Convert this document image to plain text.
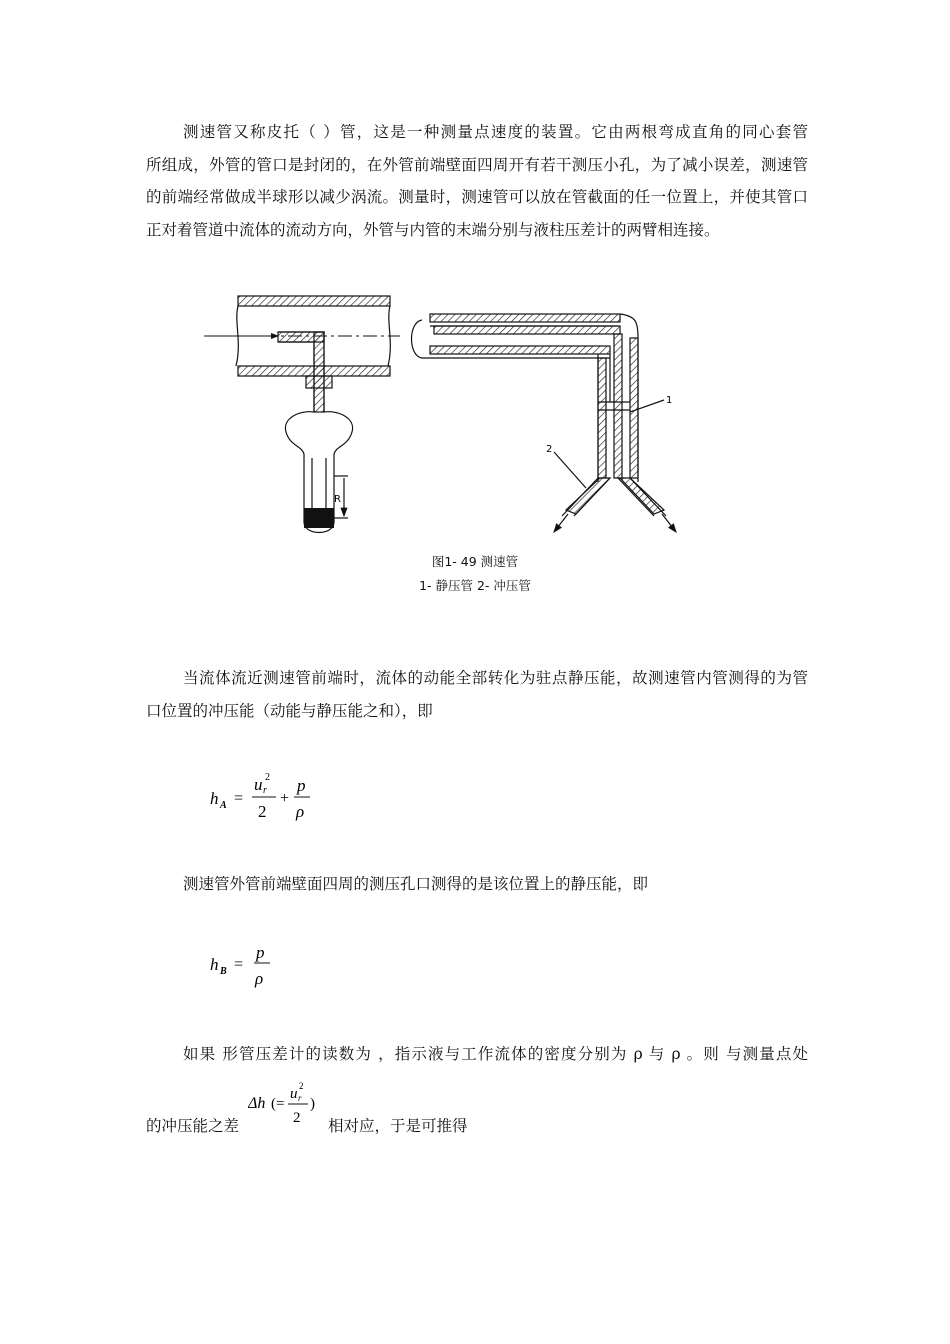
测速管又称皮托（ ）管，这是一种测量点速度的装置。它由两根弯成直角的同心套管
所组成，外管的管口是封闭的，在外管前端壁面四周开有若干测压小孔，为了减小误差，测速管
的前端经常做成半球形以减少涡流。测量时，测速管可以放在管截面的任一位置上，并使其管口
正对着管道中流体的流动方向，外管与内管的末端分别与液柱压差计的两臂相连接。
R
1
2
图1- 49 测速管
1- 静压管 2- 冲压管
当流体流近测速管前端时，流体的动能全部转化为驻点静压能，故测速管内管测得的为管
口位置的冲压能（动能与静压能之和），即
h A =
u r
2
2
+
p
ρ
测速管外管前端壁面四周的测压孔口测得的是该位置上的静压能，即
h B =
p
ρ
如果 形管压差计的读数为 ，指示液与工作流体的密度分别为 ρ 与 ρ 。则 与测量点处
的冲压能之差
Δh (=
u r
2
2
)
相对应，于是可推得
